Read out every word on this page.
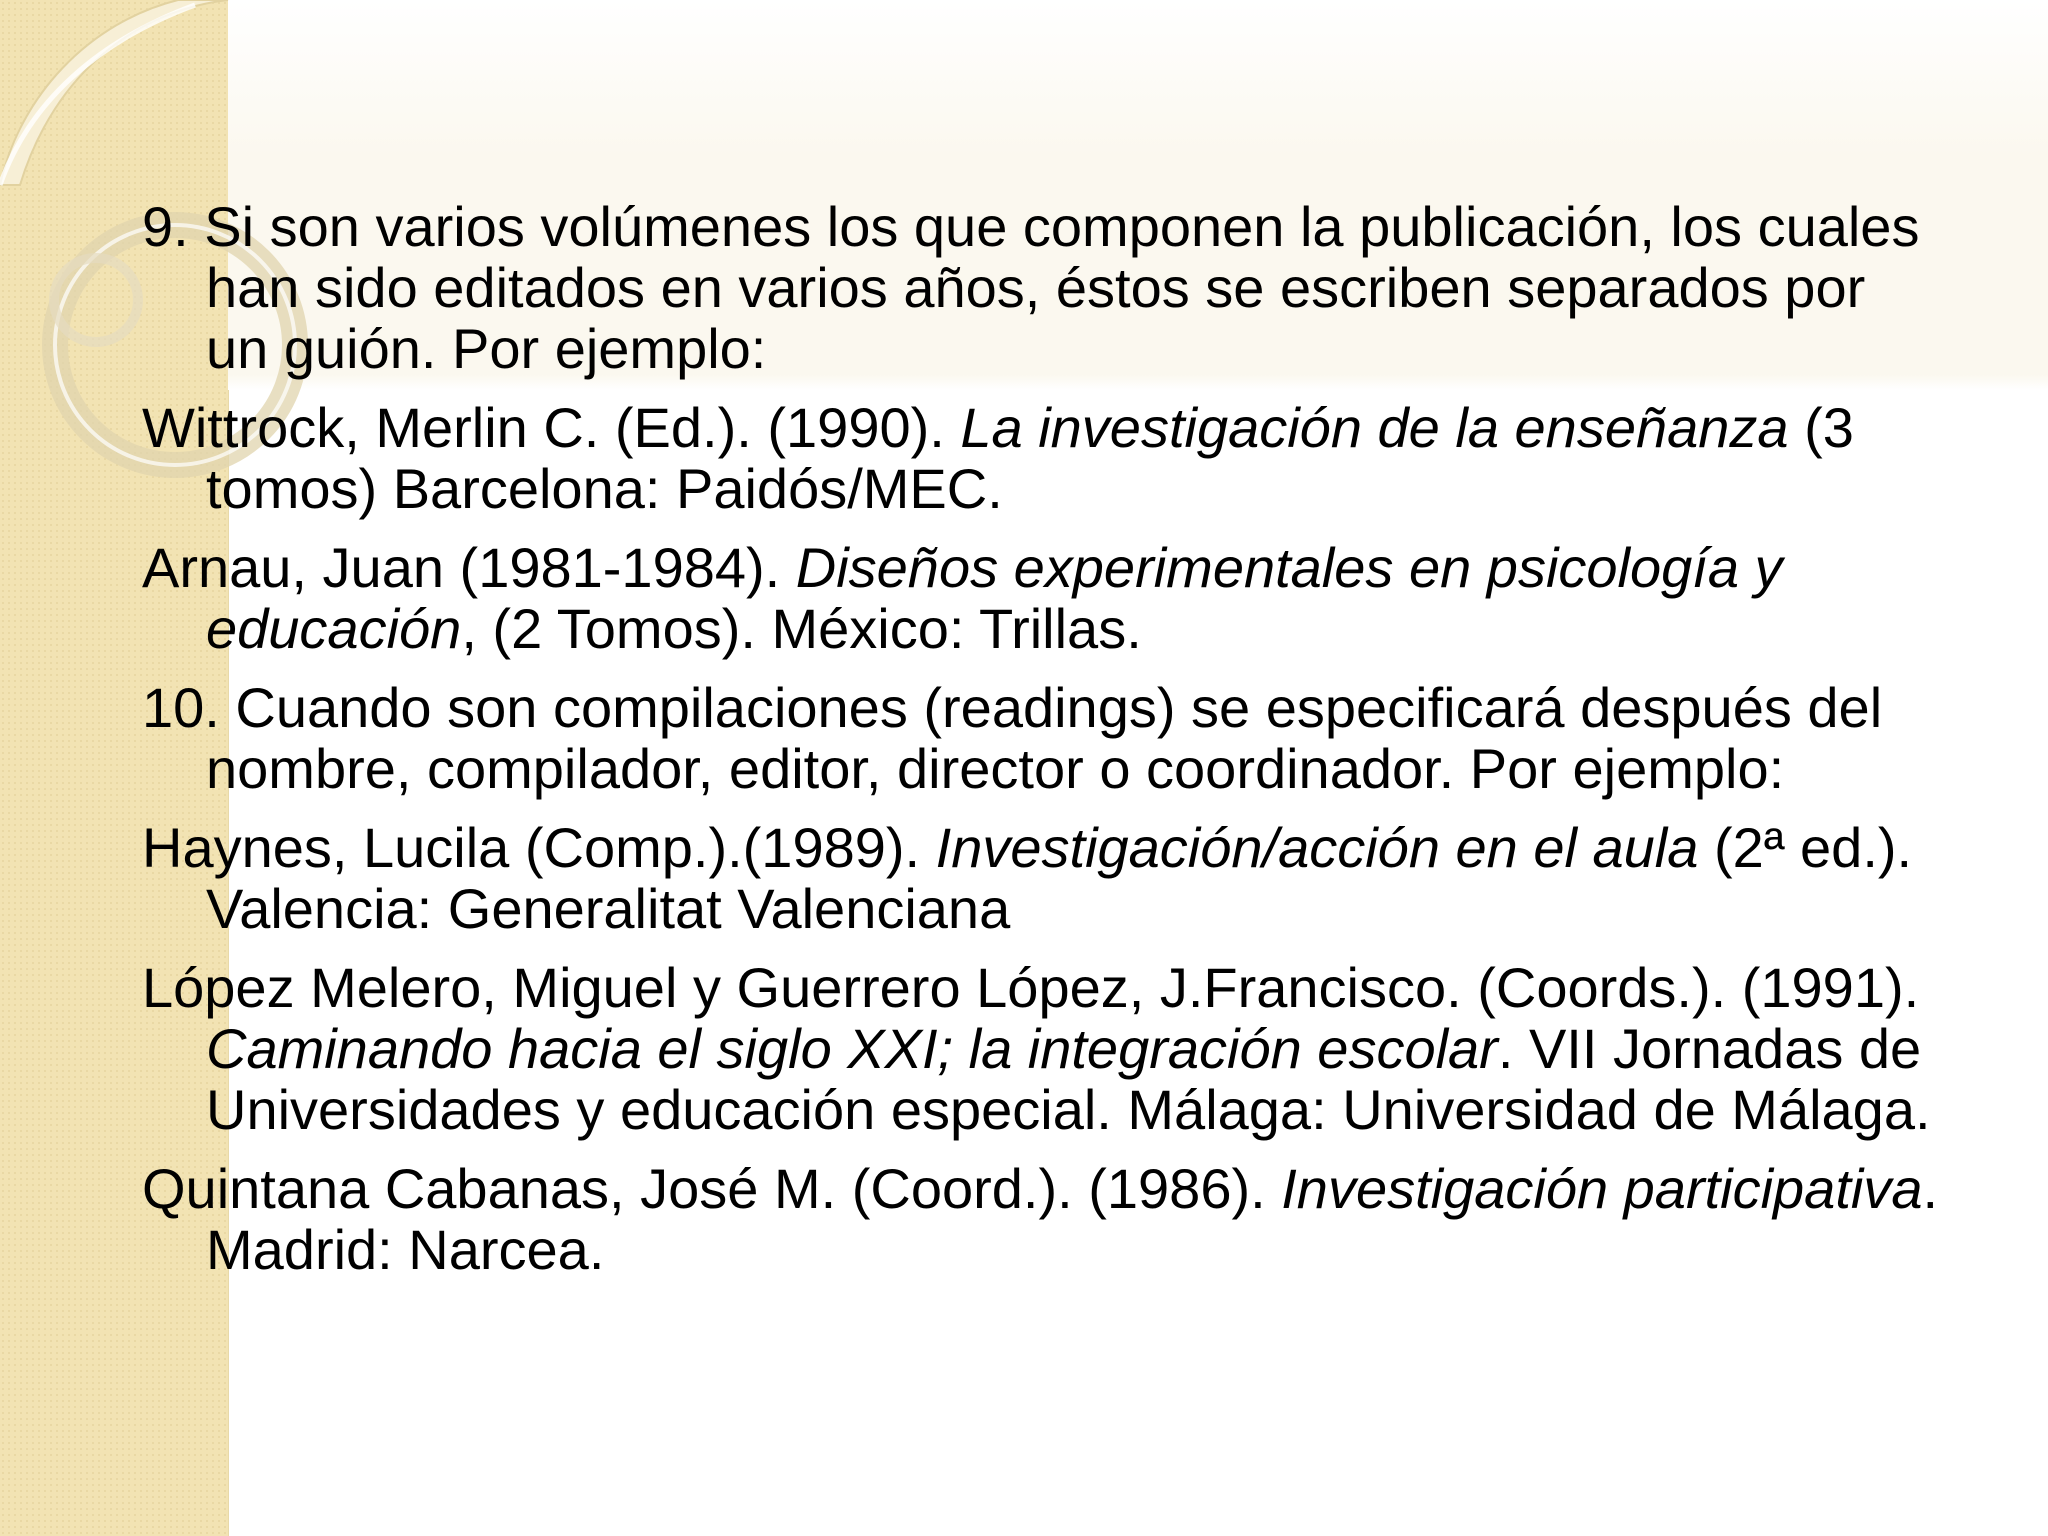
9. Si son varios volúmenes los que componen la publicación, los cuales han sido editados en varios años, éstos se escriben separados por un guión. Por ejemplo:

Wittrock, Merlin C. (Ed.). (1990). La investigación de la enseñanza (3 tomos) Barcelona: Paidós/MEC.

Arnau, Juan (1981-1984). Diseños experimentales en psicología y educación, (2 Tomos). México: Trillas.

10. Cuando son compilaciones (readings) se especificará después del nombre, compilador, editor, director o coordinador. Por ejemplo:

Haynes, Lucila (Comp.).(1989). Investigación/acción en el aula (2ª ed.). Valencia: Generalitat Valenciana

López Melero, Miguel y Guerrero López, J.Francisco. (Coords.). (1991). Caminando hacia el siglo XXI; la integración escolar. VII Jornadas de Universidades y educación especial. Málaga: Universidad de Málaga.

Quintana Cabanas, José M. (Coord.). (1986). Investigación participativa. Madrid: Narcea.
